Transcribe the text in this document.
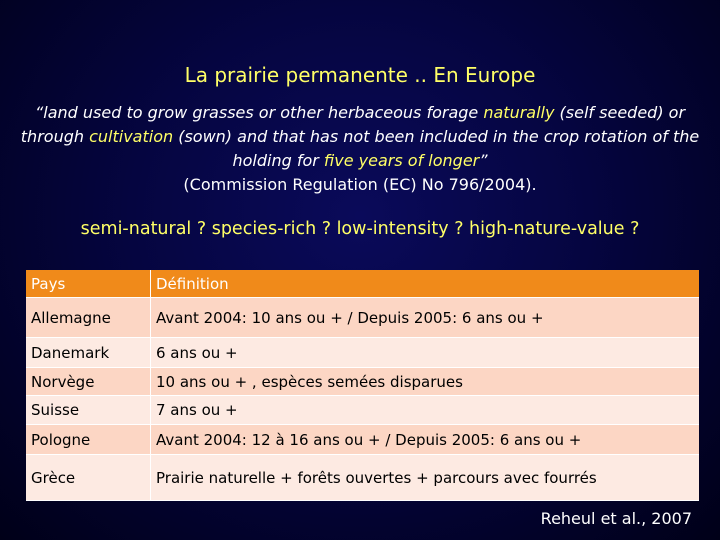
La prairie permanente .. En Europe
“land used to grow grasses or other herbaceous forage naturally (self seeded) or through cultivation (sown) and that has not been included in the crop rotation of the holding for five years of longer”
(Commission Regulation (EC) No 796/2004).
semi-natural ? species-rich ? low-intensity ? high-nature-value ?
Pays	Définition
Allemagne	Avant 2004: 10 ans ou + / Depuis 2005: 6 ans ou +
Danemark	6 ans ou +
Norvège	10 ans ou + , espèces semées disparues
Suisse	7 ans ou +
Pologne	Avant 2004: 12 à 16 ans ou + / Depuis 2005: 6 ans ou +
Grèce	Prairie naturelle + forêts ouvertes + parcours avec fourrés
Reheul et al., 2007
